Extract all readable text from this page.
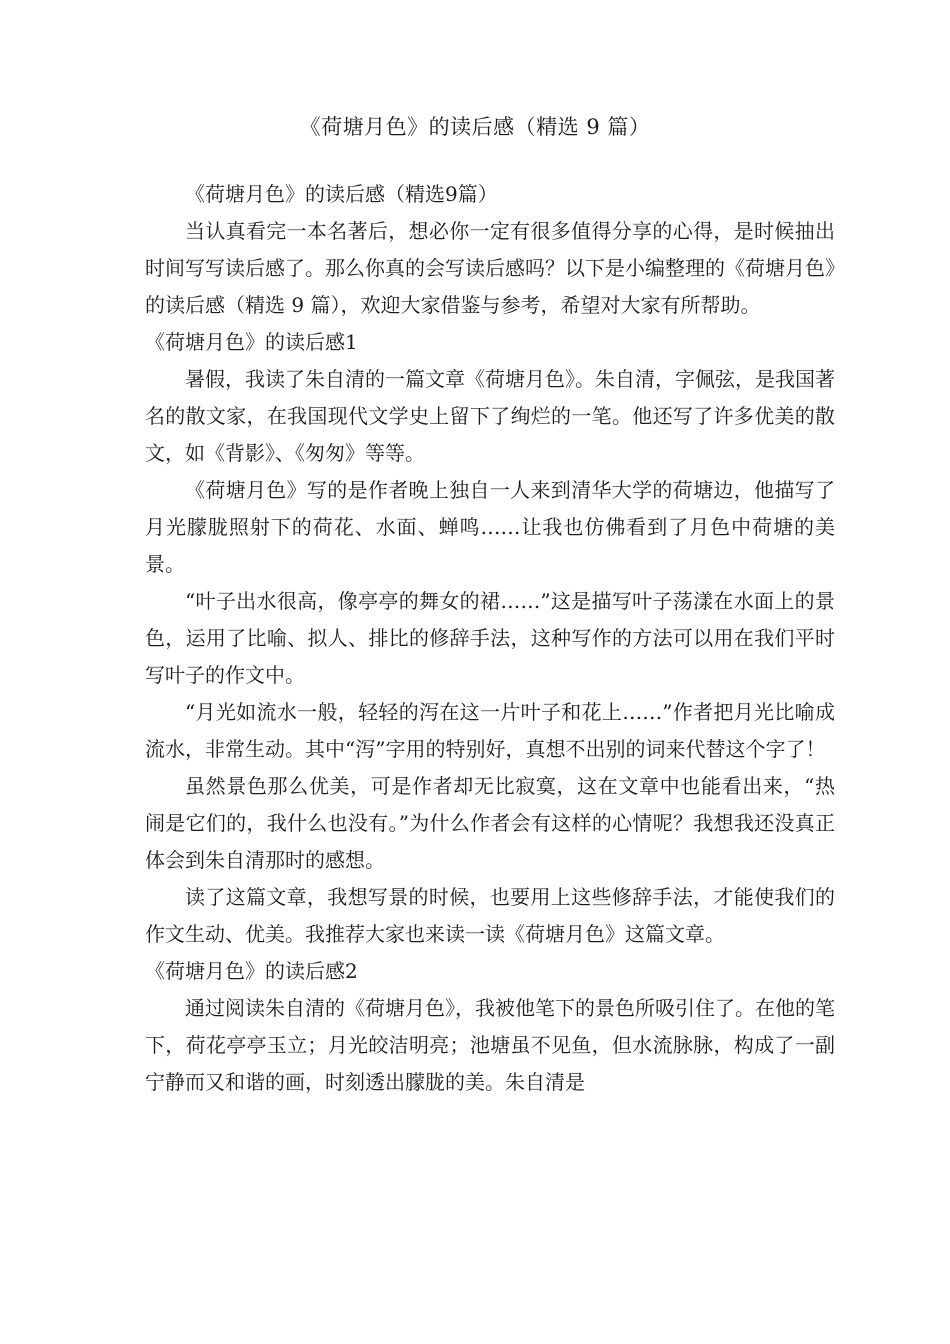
《荷塘月色》的读后感（精选 9 篇）

《荷塘月色》的读后感（精选9篇）

当认真看完一本名著后，想必你一定有很多值得分享的心得，是时候抽出时间写写读后感了。那么你真的会写读后感吗？以下是小编整理的《荷塘月色》的读后感（精选 9 篇），欢迎大家借鉴与参考，希望对大家有所帮助。

《荷塘月色》的读后感1

暑假，我读了朱自清的一篇文章《荷塘月色》。朱自清，字佩弦，是我国著名的散文家，在我国现代文学史上留下了绚烂的一笔。他还写了许多优美的散文，如《背影》、《匆匆》等等。

《荷塘月色》写的是作者晚上独自一人来到清华大学的荷塘边，他描写了月光朦胧照射下的荷花、水面、蝉鸣……让我也仿佛看到了月色中荷塘的美景。

“叶子出水很高，像亭亭的舞女的裙……”这是描写叶子荡漾在水面上的景色，运用了比喻、拟人、排比的修辞手法，这种写作的方法可以用在我们平时写叶子的作文中。

“月光如流水一般，轻轻的泻在这一片叶子和花上……”作者把月光比喻成流水，非常生动。其中“泻”字用的特别好，真想不出别的词来代替这个字了！

虽然景色那么优美，可是作者却无比寂寞，这在文章中也能看出来，“热闹是它们的，我什么也没有。”为什么作者会有这样的心情呢？我想我还没真正体会到朱自清那时的感想。

读了这篇文章，我想写景的时候，也要用上这些修辞手法，才能使我们的作文生动、优美。我推荐大家也来读一读《荷塘月色》这篇文章。

《荷塘月色》的读后感2

通过阅读朱自清的《荷塘月色》，我被他笔下的景色所吸引住了。在他的笔下，荷花亭亭玉立；月光皎洁明亮；池塘虽不见鱼，但水流脉脉，构成了一副宁静而又和谐的画，时刻透出朦胧的美。朱自清是
